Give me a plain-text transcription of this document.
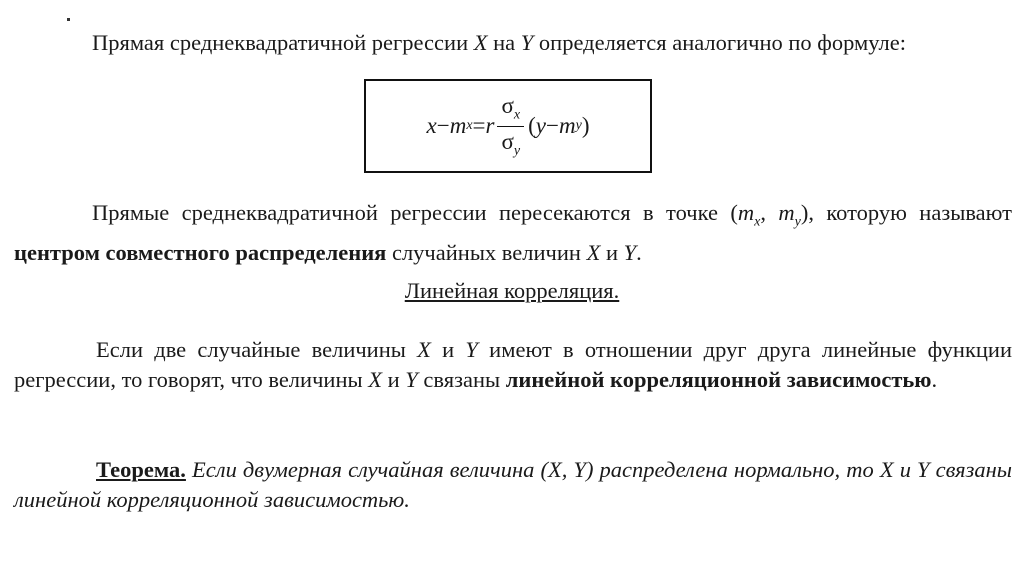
Прямая среднеквадратичной регрессии X на Y определяется аналогично по формуле:
x − m x = r $\frac{\sigma_x}{\sigma_y}$ ( y − m y )
Прямые среднеквадратичной регрессии пересекаются в точке ($m_x$, $m_y$), которую называют центром совместного распределения случайных величин X и Y.
Линейная корреляция.
Если две случайные величины X и Y имеют в отношении друг друга линейные функции регрессии, то говорят, что величины X и Y связаны линейной корреляционной зависимостью.
Теорема. Если двумерная случайная величина (X, Y) распределена нормально, то X и Y связаны линейной корреляционной зависимостью.
